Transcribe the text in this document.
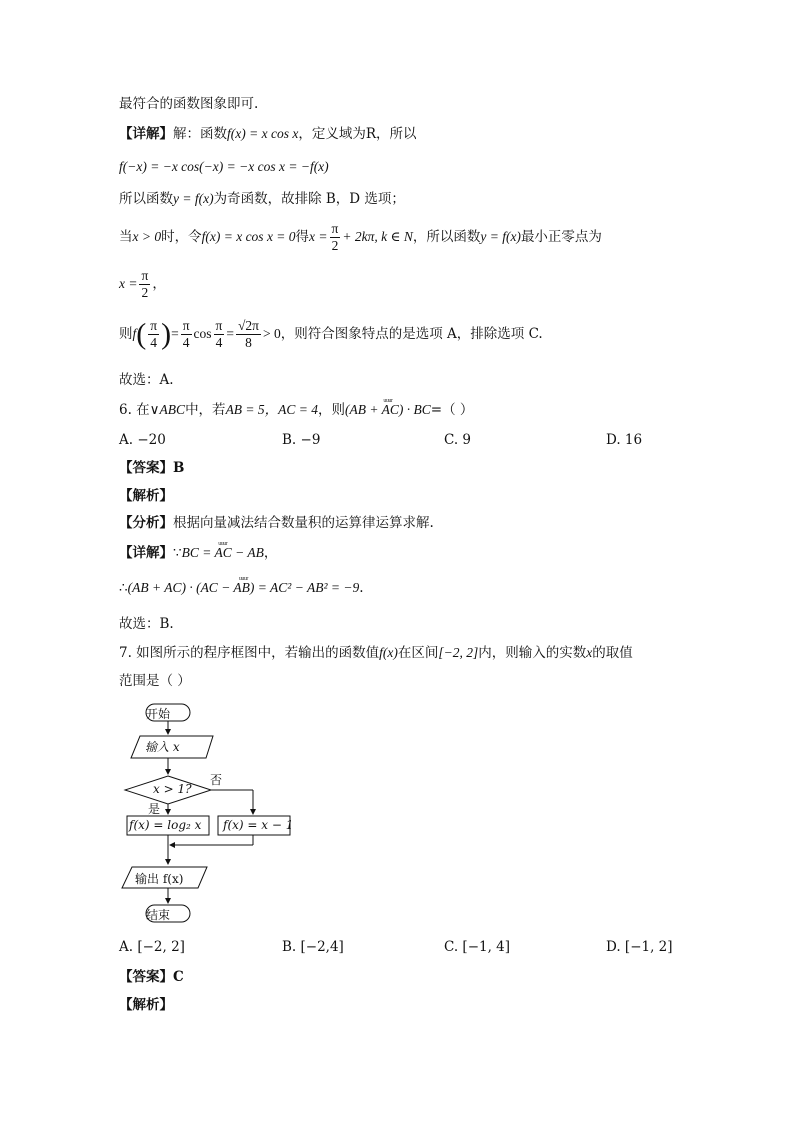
最符合的函数图象即可.
【详解】解：函数f(x) = x cos x，定义域为R，所以
f(−x) = −x cos(−x) = −x cos x = −f(x)
所以函数y = f(x)为奇函数，故排除 B，D 选项；
当x > 0时，令f(x) = x cos x = 0得$x = \frac{\pi}{2} + 2k\pi$, k ∈ N，所以函数y = f(x)最小正零点为
$x = \frac{\pi}{2}$ ，
则$f( \frac{\pi}{4}$ )= $\frac{\pi}{4}$ $\cos \frac{\pi}{4} = \frac{√2\pi}{8} > 0$，则符合图象特点的是选项 A，排除选项 C.
故选：A.
6. 在∨ABC中，若AB = 5，AC = 4，则uuur (AB + AC) · BC=（ ）
A. −20	B. −9	C. 9	D. 16
【答案】B
【解析】
【分析】根据向量减法结合数量积的运算律运算求解.
【详解】∵uuur BC = AC − AB，
∴uuur (AB + AC) · (AC − AB) = AC² − AB² = −9.
故选：B.
7. 如图所示的程序框图中，若输出的函数值f(x)在区间[−2, 2]内，则输入的实数x的取值
范围是（ ）
开始
输入 x
x > 1?
否
是
f(x) = log₂ x f(x) = x − 1
输出 f(x)
结束
A. [−2, 2]	B. [−2,4]	C. [−1, 4]	D. [−1, 2]
【答案】C
【解析】
